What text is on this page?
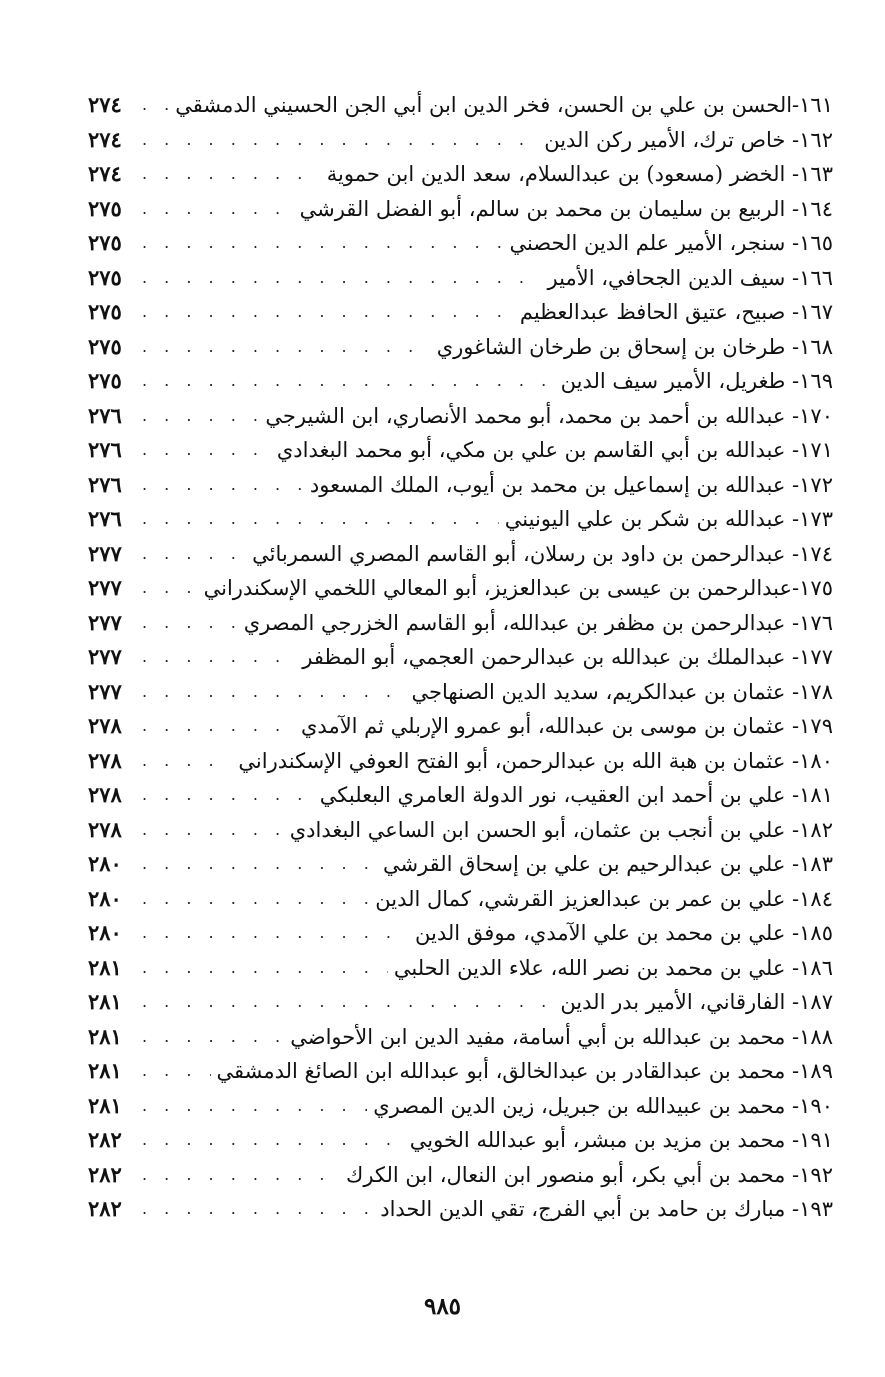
١٦١-الحسن بن علي بن الحسن، فخر الدين ابن أبي الجن الحسيني الدمشقي
. . .
٢٧٤
١٦٢- خاص ترك، الأمير ركن الدين
. . .
٢٧٤
١٦٣- الخضر (مسعود) بن عبدالسلام، سعد الدين ابن حموية
. . .
٢٧٤
١٦٤- الربيع بن سليمان بن محمد بن سالم، أبو الفضل القرشي
. . .
٢٧٥
١٦٥- سنجر، الأمير علم الدين الحصني
. . .
٢٧٥
١٦٦- سيف الدين الجحافي، الأمير
. . .
٢٧٥
١٦٧- صبيح، عتيق الحافظ عبدالعظيم
. . .
٢٧٥
١٦٨- طرخان بن إسحاق بن طرخان الشاغوري
. . .
٢٧٥
١٦٩- طغريل، الأمير سيف الدين
. . .
٢٧٥
١٧٠- عبدالله بن أحمد بن محمد، أبو محمد الأنصاري، ابن الشيرجي
. . .
٢٧٦
١٧١- عبدالله بن أبي القاسم بن علي بن مكي، أبو محمد البغدادي
. . .
٢٧٦
١٧٢- عبدالله بن إسماعيل بن محمد بن أيوب، الملك المسعود
. . .
٢٧٦
١٧٣- عبدالله بن شكر بن علي اليونيني
. . .
٢٧٦
١٧٤- عبدالرحمن بن داود بن رسلان، أبو القاسم المصري السمربائي
. . .
٢٧٧
١٧٥-عبدالرحمن بن عيسى بن عبدالعزيز، أبو المعالي اللخمي الإسكندراني
. . .
٢٧٧
١٧٦- عبدالرحمن بن مظفر بن عبدالله، أبو القاسم الخزرجي المصري
. . .
٢٧٧
١٧٧- عبدالملك بن عبدالله بن عبدالرحمن العجمي، أبو المظفر
. . .
٢٧٧
١٧٨- عثمان بن عبدالكريم، سديد الدين الصنهاجي
. . .
٢٧٧
١٧٩- عثمان بن موسى بن عبدالله، أبو عمرو الإربلي ثم الآمدي
. . .
٢٧٨
١٨٠- عثمان بن هبة الله بن عبدالرحمن، أبو الفتح العوفي الإسكندراني
. . .
٢٧٨
١٨١- علي بن أحمد ابن العقيب، نور الدولة العامري البعلبكي
. . .
٢٧٨
١٨٢- علي بن أنجب بن عثمان، أبو الحسن ابن الساعي البغدادي
. . .
٢٧٨
١٨٣- علي بن عبدالرحيم بن علي بن إسحاق القرشي
. . .
٢٨٠
١٨٤- علي بن عمر بن عبدالعزيز القرشي، كمال الدين
. . .
٢٨٠
١٨٥- علي بن محمد بن علي الآمدي، موفق الدين
. . .
٢٨٠
١٨٦- علي بن محمد بن نصر الله، علاء الدين الحلبي
. . .
٢٨١
١٨٧- الفارقاني، الأمير بدر الدين
. . .
٢٨١
١٨٨- محمد بن عبدالله بن أبي أسامة، مفيد الدين ابن الأحواضي
. . .
٢٨١
١٨٩- محمد بن عبدالقادر بن عبدالخالق، أبو عبدالله ابن الصائغ الدمشقي
. . .
٢٨١
١٩٠- محمد بن عبيدالله بن جبريل، زين الدين المصري
. . .
٢٨١
١٩١- محمد بن مزيد بن مبشر، أبو عبدالله الخويي
. . .
٢٨٢
١٩٢- محمد بن أبي بكر، أبو منصور ابن النعال، ابن الكرك
. . .
٢٨٢
١٩٣- مبارك بن حامد بن أبي الفرج، تقي الدين الحداد
. . .
٢٨٢
٩٨٥
